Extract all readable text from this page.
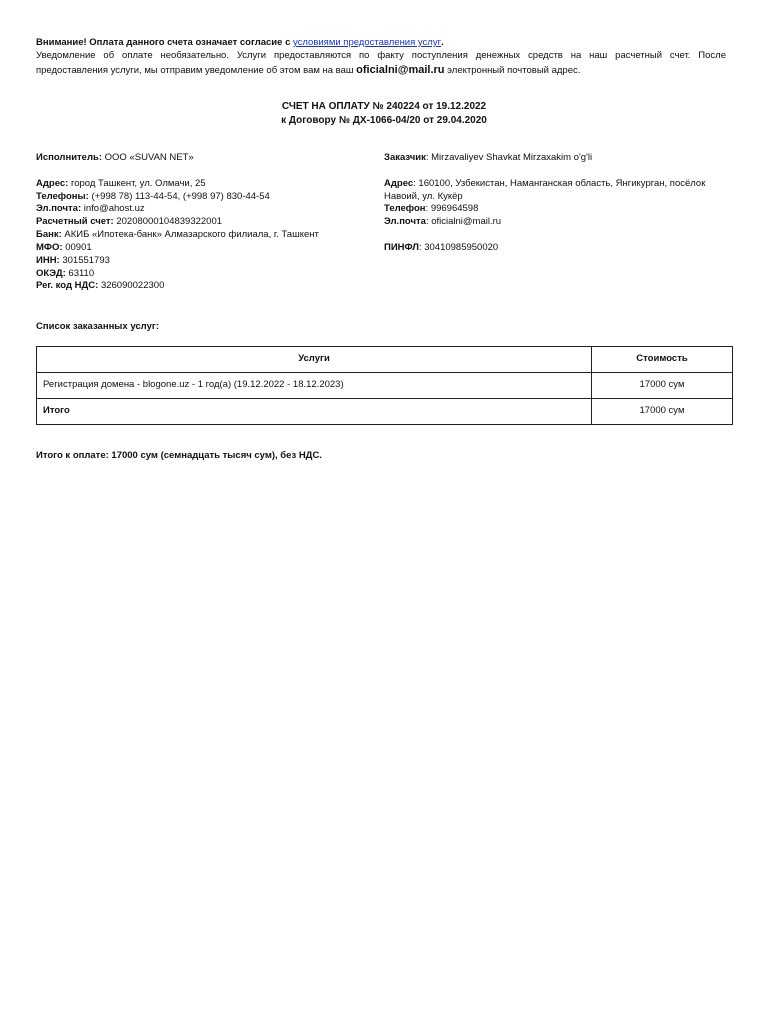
Внимание! Оплата данного счета означает согласие с условиями предоставления услуг.
Уведомление об оплате необязательно. Услуги предоставляются по факту поступления денежных средств на наш расчетный счет. После
предоставления услуги, мы отправим уведомление об этом вам на ваш oficialni@mail.ru электронный почтовый адрес.
СЧЕТ НА ОПЛАТУ № 240224 от 19.12.2022
к Договору № ДХ-1066-04/20 от 29.04.2020
Исполнитель: ООО «SUVAN NET»
Адрес: город Ташкент, ул. Олмачи, 25
Телефоны: (+998 78) 113-44-54, (+998 97) 830-44-54
Эл.почта: info@ahost.uz
Расчетный счет: 20208000104839322001
Банк: АКИБ «Ипотека-банк» Алмазарского филиала, г. Ташкент
МФО: 00901
ИНН: 301551793
ОКЭД: 63110
Рег. код НДС: 326090022300
Заказчик: Mirzavaliyev Shavkat Mirzaxakim o'g'li
Адрес: 160100, Узбекистан, Наманганская область, Янгикурган, посёлок Навоий, ул. Кукёр
Телефон: 996964598
Эл.почта: oficialni@mail.ru
ПИНФЛ: 30410985950020
Список заказанных услуг:
Услуги	Стоимость
Регистрация домена - blogone.uz - 1 год(а) (19.12.2022 - 18.12.2023)	17000 сум
Итого	17000 сум
Итого к оплате: 17000 сум (семнадцать тысяч сум), без НДС.
